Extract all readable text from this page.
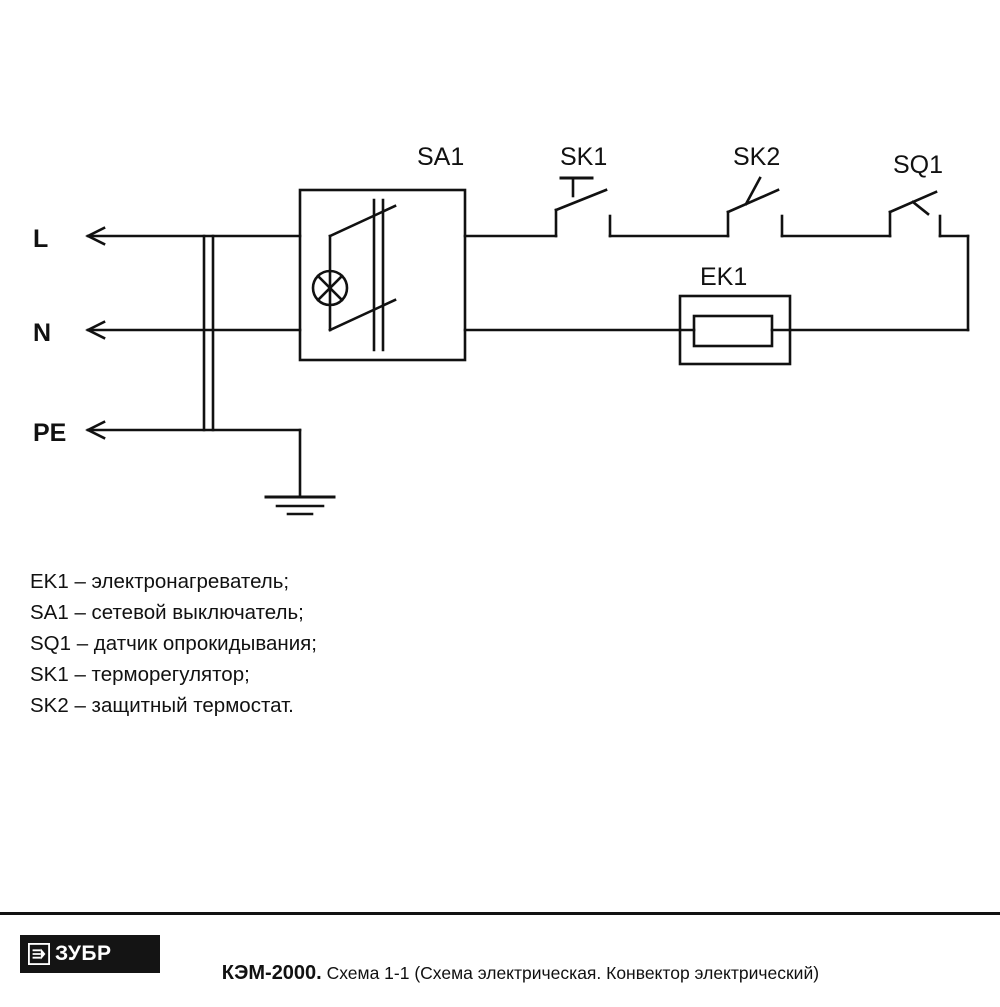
L
N
PE
SA1	SK1	SK2	SQ1
EK1
EK1 – электронагреватель;
SA1 – сетевой выключатель;
SQ1 – датчик опрокидывания;
SK1 – терморегулятор;
SK2 – защитный термостат.
ЗУБР

КЭМ-2000. Схема 1-1 (Схема электрическая. Конвектор электрический)
